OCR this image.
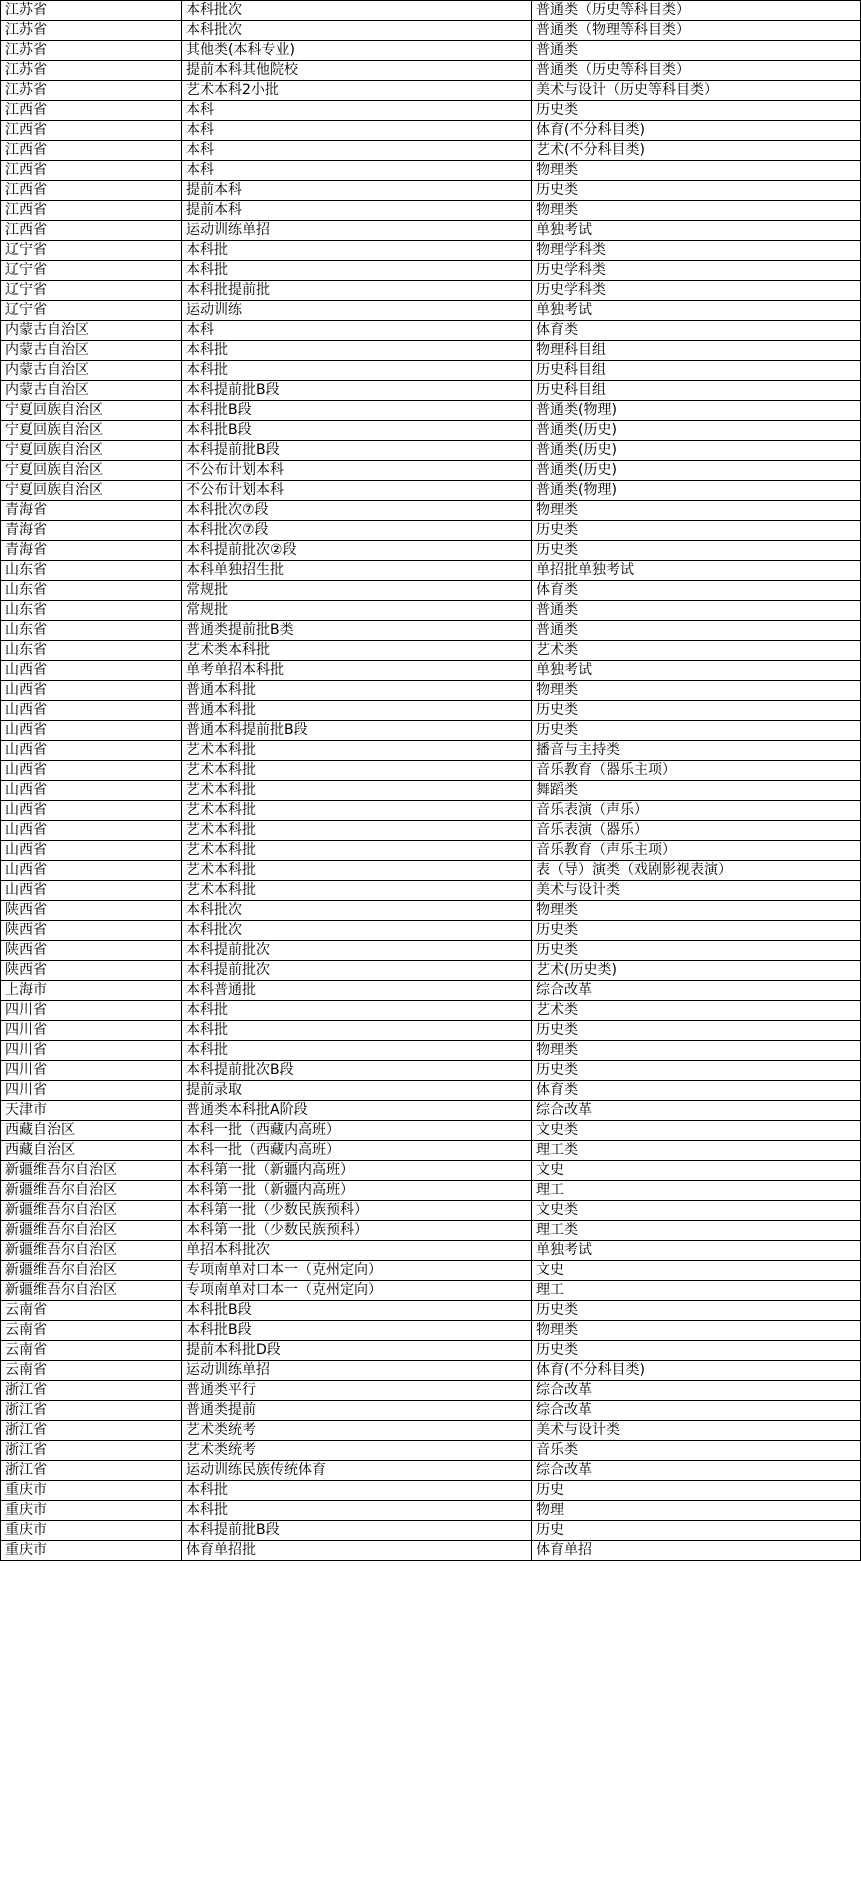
江苏省	本科批次	普通类（历史等科目类）
江苏省	本科批次	普通类（物理等科目类）
江苏省	其他类(本科专业)	普通类
江苏省	提前本科其他院校	普通类（历史等科目类）
江苏省	艺术本科2小批	美术与设计（历史等科目类）
江西省	本科	历史类
江西省	本科	体育(不分科目类)
江西省	本科	艺术(不分科目类)
江西省	本科	物理类
江西省	提前本科	历史类
江西省	提前本科	物理类
江西省	运动训练单招	单独考试
辽宁省	本科批	物理学科类
辽宁省	本科批	历史学科类
辽宁省	本科批提前批	历史学科类
辽宁省	运动训练	单独考试
内蒙古自治区	本科	体育类
内蒙古自治区	本科批	物理科目组
内蒙古自治区	本科批	历史科目组
内蒙古自治区	本科提前批B段	历史科目组
宁夏回族自治区	本科批B段	普通类(物理)
宁夏回族自治区	本科批B段	普通类(历史)
宁夏回族自治区	本科提前批B段	普通类(历史)
宁夏回族自治区	不公布计划本科	普通类(历史)
宁夏回族自治区	不公布计划本科	普通类(物理)
青海省	本科批次⑦段	物理类
青海省	本科批次⑦段	历史类
青海省	本科提前批次②段	历史类
山东省	本科单独招生批	单招批单独考试
山东省	常规批	体育类
山东省	常规批	普通类
山东省	普通类提前批B类	普通类
山东省	艺术类本科批	艺术类
山西省	单考单招本科批	单独考试
山西省	普通本科批	物理类
山西省	普通本科批	历史类
山西省	普通本科提前批B段	历史类
山西省	艺术本科批	播音与主持类
山西省	艺术本科批	音乐教育（器乐主项）
山西省	艺术本科批	舞蹈类
山西省	艺术本科批	音乐表演（声乐）
山西省	艺术本科批	音乐表演（器乐）
山西省	艺术本科批	音乐教育（声乐主项）
山西省	艺术本科批	表（导）演类（戏剧影视表演）
山西省	艺术本科批	美术与设计类
陕西省	本科批次	物理类
陕西省	本科批次	历史类
陕西省	本科提前批次	历史类
陕西省	本科提前批次	艺术(历史类)
上海市	本科普通批	综合改革
四川省	本科批	艺术类
四川省	本科批	历史类
四川省	本科批	物理类
四川省	本科提前批次B段	历史类
四川省	提前录取	体育类
天津市	普通类本科批A阶段	综合改革
西藏自治区	本科一批（西藏内高班）	文史类
西藏自治区	本科一批（西藏内高班）	理工类
新疆维吾尔自治区	本科第一批（新疆内高班）	文史
新疆维吾尔自治区	本科第一批（新疆内高班）	理工
新疆维吾尔自治区	本科第一批（少数民族预科）	文史类
新疆维吾尔自治区	本科第一批（少数民族预科）	理工类
新疆维吾尔自治区	单招本科批次	单独考试
新疆维吾尔自治区	专项南单对口本一（克州定向）	文史
新疆维吾尔自治区	专项南单对口本一（克州定向）	理工
云南省	本科批B段	历史类
云南省	本科批B段	物理类
云南省	提前本科批D段	历史类
云南省	运动训练单招	体育(不分科目类)
浙江省	普通类平行	综合改革
浙江省	普通类提前	综合改革
浙江省	艺术类统考	美术与设计类
浙江省	艺术类统考	音乐类
浙江省	运动训练民族传统体育	综合改革
重庆市	本科批	历史
重庆市	本科批	物理
重庆市	本科提前批B段	历史
重庆市	体育单招批	体育单招
